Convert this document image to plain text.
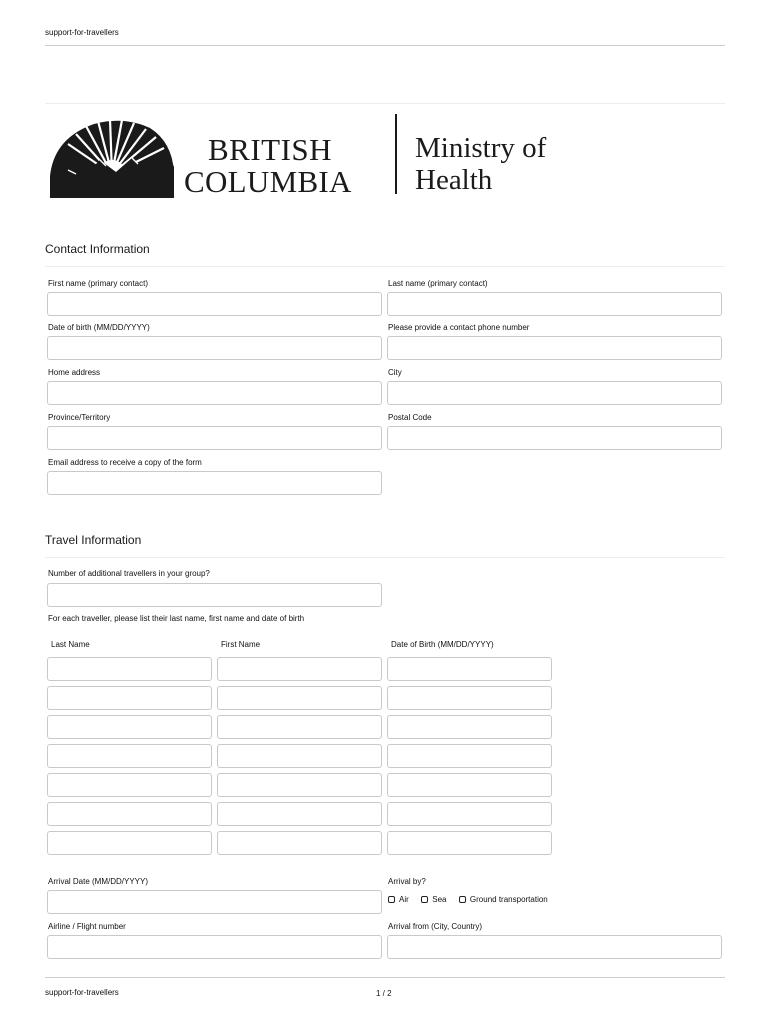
support-for-travellers
BRITISH
COLUMBIA
Ministry of
Health
Contact Information
First name (primary contact)	Last name (primary contact)
Date of birth (MM/DD/YYYY)	Please provide a contact phone number
Home address	City
Province/Territory	Postal Code
Email address to receive a copy of the form
Travel Information
Number of additional travellers in your group?
For each traveller, please list their last name, first name and date of birth
Last Name	First Name	Date of Birth (MM/DD/YYYY)
Arrival Date (MM/DD/YYYY)	Arrival by?
Air
	Sea
	Ground transportation
Airline / Flight number	Arrival from (City, Country)
support-for-travellers	1 / 2
